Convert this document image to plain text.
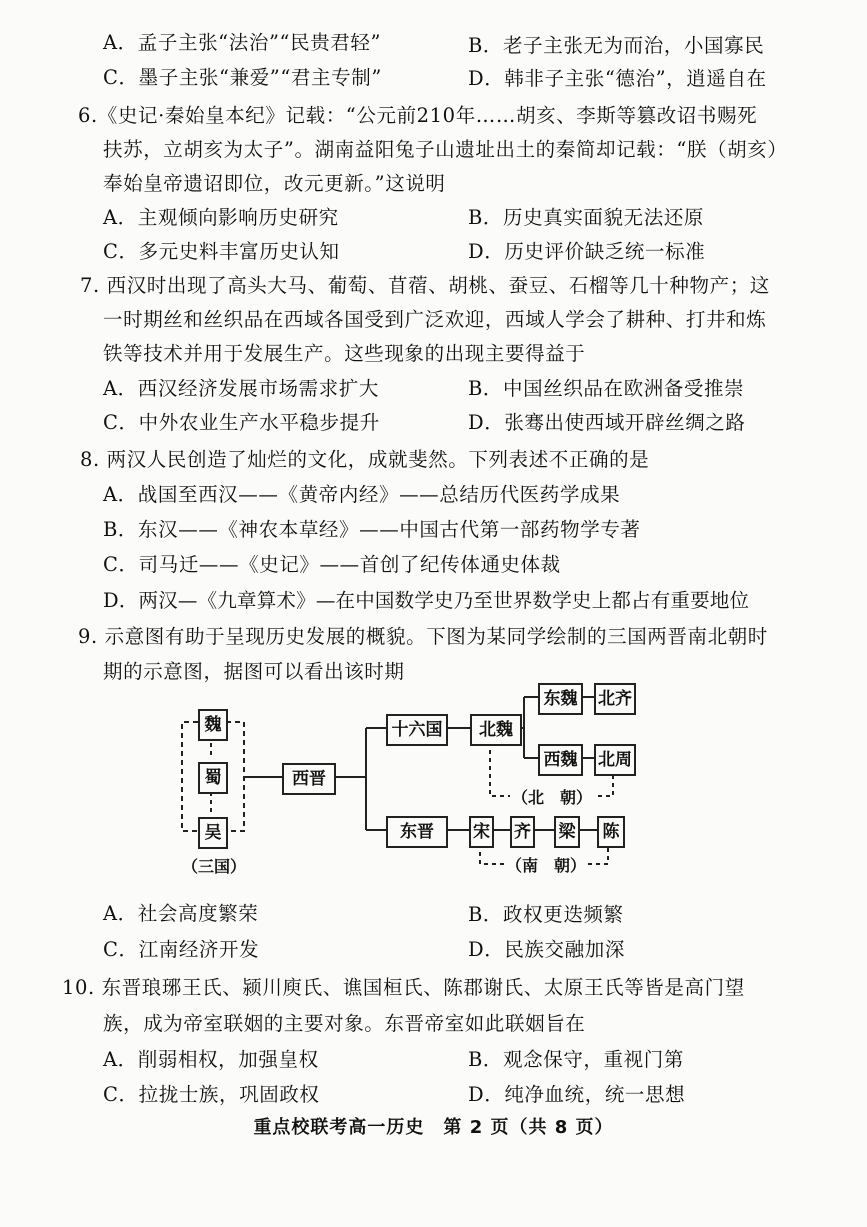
A．孟子主张“法治”“民贵君轻”	B．老子主张无为而治，小国寡民
C．墨子主张“兼爱”“君主专制”	D．韩非子主张“德治”，逍遥自在
6.《史记·秦始皇本纪》记载：“公元前210年……胡亥、李斯等篡改诏书赐死
扶苏，立胡亥为太子”。湖南益阳兔子山遗址出土的秦简却记载：“朕（胡亥）
奉始皇帝遗诏即位，改元更新。”这说明
A．主观倾向影响历史研究	B．历史真实面貌无法还原
C．多元史料丰富历史认知	D．历史评价缺乏统一标准
7. 西汉时出现了高头大马、葡萄、苜蓿、胡桃、蚕豆、石榴等几十种物产；这
一时期丝和丝织品在西域各国受到广泛欢迎，西域人学会了耕种、打井和炼
铁等技术并用于发展生产。这些现象的出现主要得益于
A．西汉经济发展市场需求扩大	B．中国丝织品在欧洲备受推崇
C．中外农业生产水平稳步提升	D．张骞出使西域开辟丝绸之路
8. 两汉人民创造了灿烂的文化，成就斐然。下列表述不正确的是
A．战国至西汉——《黄帝内经》——总结历代医药学成果
B．东汉——《神农本草经》——中国古代第一部药物学专著
C．司马迁——《史记》——首创了纪传体通史体裁
D．两汉—《九章算术》—在中国数学史乃至世界数学史上都占有重要地位
9. 示意图有助于呈现历史发展的概貌。下图为某同学绘制的三国两晋南北朝时
期的示意图，据图可以看出该时期
魏
蜀
吴
（三国）
西晋
十六国	北魏
东魏	北齐
西魏	北周
（北　朝）
东晋	宋 齐 梁	陈
（南　朝）
A．社会高度繁荣	B．政权更迭频繁
C．江南经济开发	D．民族交融加深
10. 东晋琅琊王氏、颍川庾氏、谯国桓氏、陈郡谢氏、太原王氏等皆是高门望
族，成为帝室联姻的主要对象。东晋帝室如此联姻旨在
A．削弱相权，加强皇权	B．观念保守，重视门第
C．拉拢士族，巩固政权	D．纯净血统，统一思想
重点校联考高一历史　第 2 页（共 8 页）
